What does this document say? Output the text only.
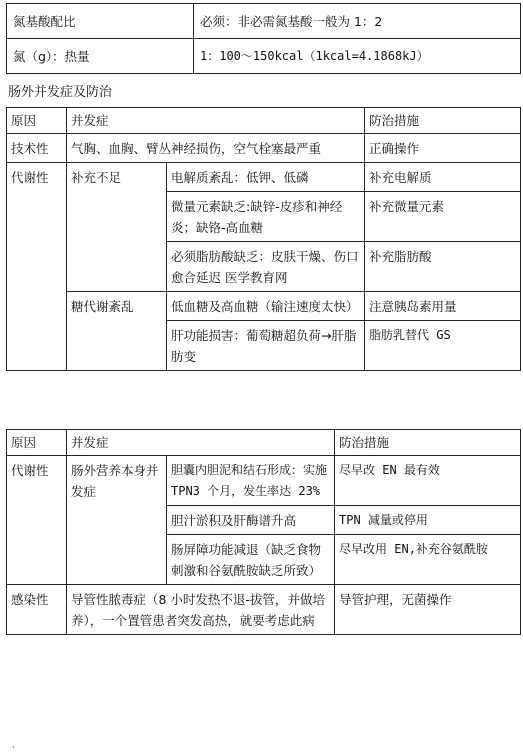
氮基酸配比	必须：非必需氮基酸一般为 1：2
氮（g）：热量	1：100～150kcal（1kcal=4.1868kJ）
肠外并发症及防治
原因	并发症		防治措施
技术性	气胸、血胸、臂丛神经损伤，空气栓塞最严重		正确操作
代谢性	补充不足	电解质紊乱：低钾、低磷	补充电解质
		微量元素缺乏:缺锌-皮疹和神经炎；缺铬-高血糖	补充微量元素
		必须脂肪酸缺乏：皮肤干燥、伤口愈合延迟 医学教育网	补充脂肪酸
	糖代谢紊乱	低血糖及高血糖（输注速度太快）	注意胰岛素用量
		肝功能损害：葡萄糖超负荷→肝脂肪变	脂肪乳替代 GS
原因	并发症		防治措施
代谢性	肠外营养本身并发症	胆囊内胆泥和结石形成：实施 TPN3 个月，发生率达 23%	尽早改 EN 最有效
		胆汁淤积及肝酶谱升高	TPN 减量或停用
		肠屏障功能减退（缺乏食物刺激和谷氨酰胺缺乏所致）	尽早改用 EN,补充谷氨酰胺
感染性	导管性脓毒症（8 小时发热不退-拔管，并做培养），一个置管患者突发高热，就要考虑此病		导管护理，无菌操作
·
